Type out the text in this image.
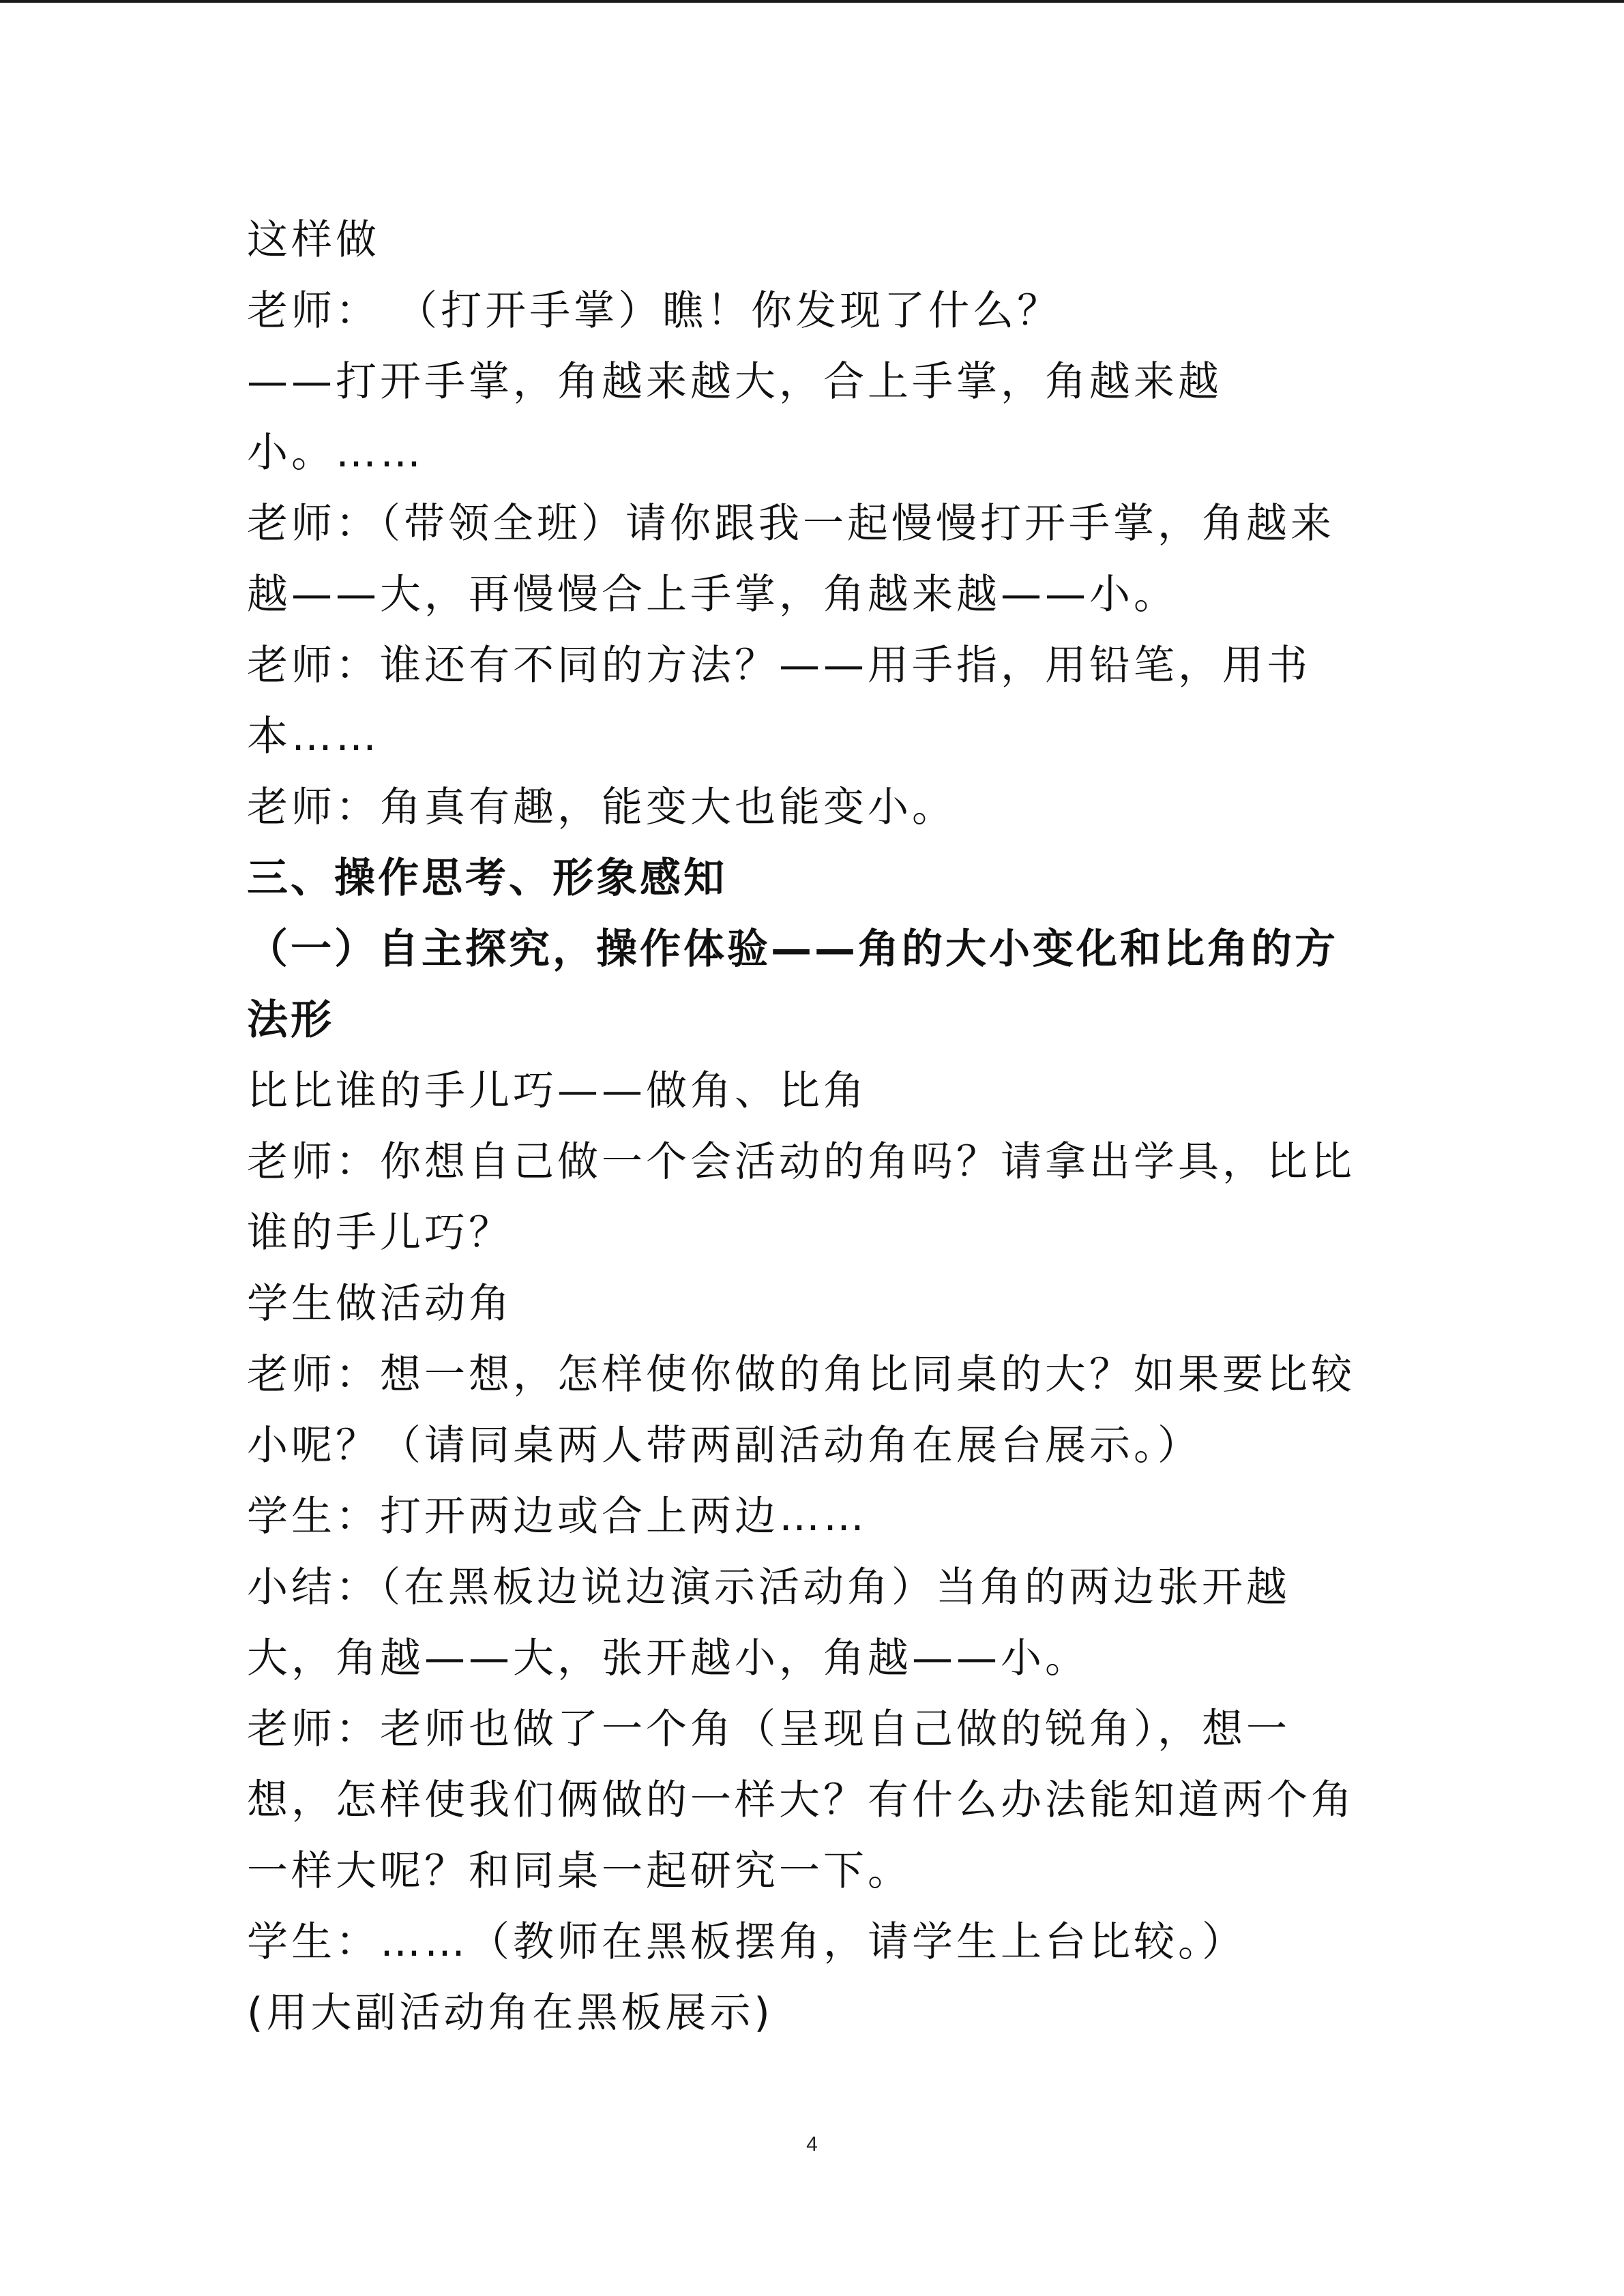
这样做
老师： （打开手掌）瞧！你发现了什么？
——打开手掌，角越来越大，合上手掌，角越来越
小。……
老师：（带领全班）请你跟我一起慢慢打开手掌，角越来
越——大，再慢慢合上手掌，角越来越——小。
老师：谁还有不同的方法？——用手指，用铅笔，用书
本……
老师：角真有趣，能变大也能变小。
三、操作思考、形象感知
（一）自主探究，操作体验——角的大小变化和比角的方
法形
比比谁的手儿巧——做角、比角
老师：你想自己做一个会活动的角吗？请拿出学具，比比
谁的手儿巧？
学生做活动角
老师：想一想，怎样使你做的角比同桌的大？如果要比较
小呢？（请同桌两人带两副活动角在展台展示。）
学生：打开两边或合上两边……
小结：（在黑板边说边演示活动角）当角的两边张开越
大，角越——大，张开越小，角越——小。
老师：老师也做了一个角（呈现自己做的锐角），想一
想，怎样使我们俩做的一样大？有什么办法能知道两个角
一样大呢？和同桌一起研究一下。
学生：……（教师在黑板摆角，请学生上台比较。）
(用大副活动角在黑板展示)
4
